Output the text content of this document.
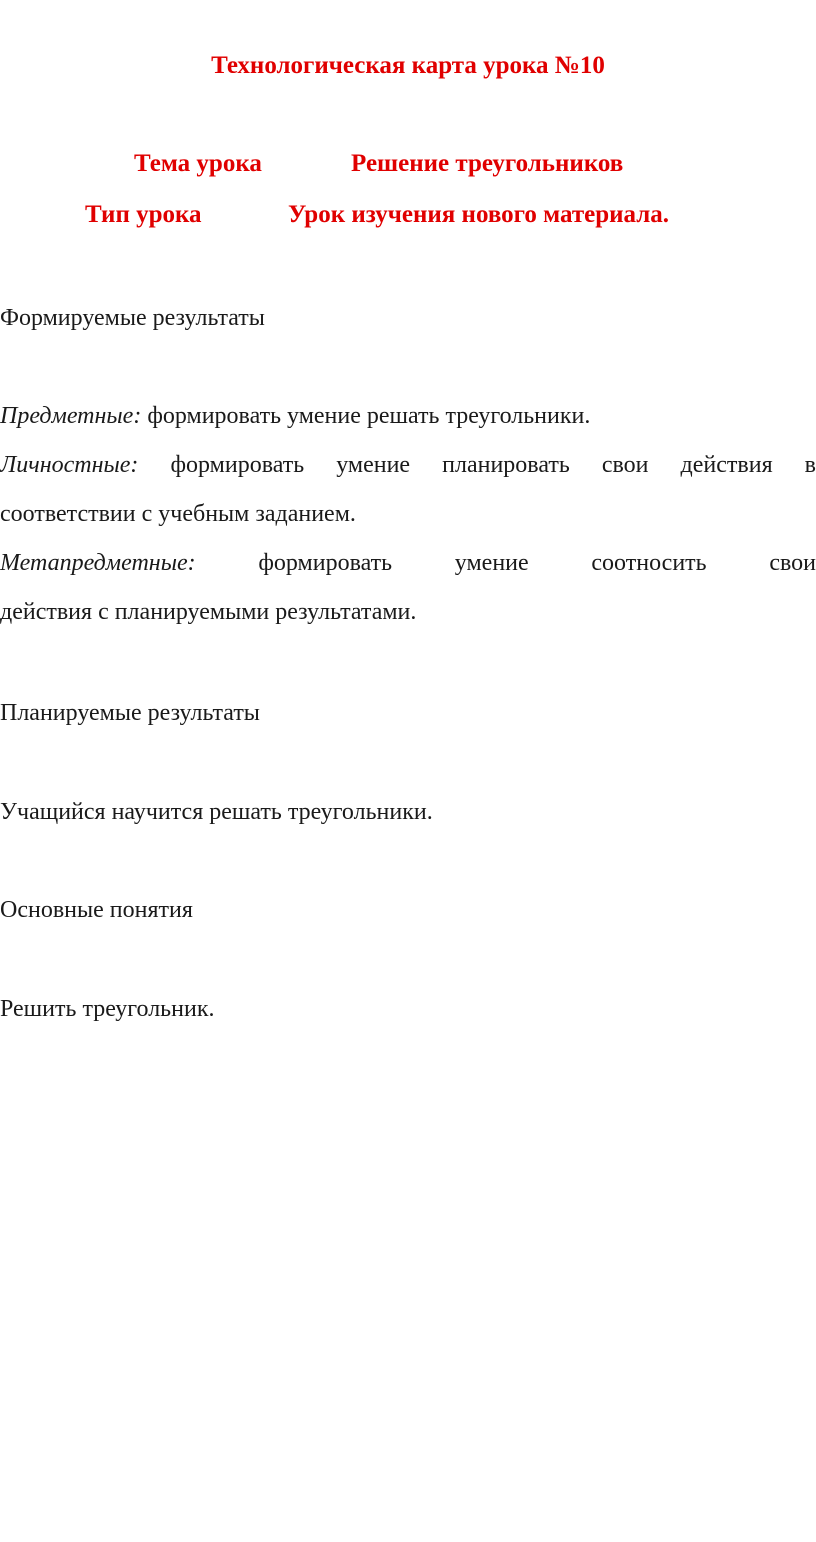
Технологическая карта урока №10
Тема урока	Решение треугольников
Тип урока	Урок изучения нового материала.
Формируемые результаты

Предметные: формировать умение решать треугольники.

Личностные: формировать умение планировать свои действия в

соответствии с учебным заданием.

Метапредметные:	формировать умение соотносить свои

действия с планируемыми результатами.

Планируемые результаты
Учащийся научится решать треугольники.
Основные понятия
Решить треугольник.
